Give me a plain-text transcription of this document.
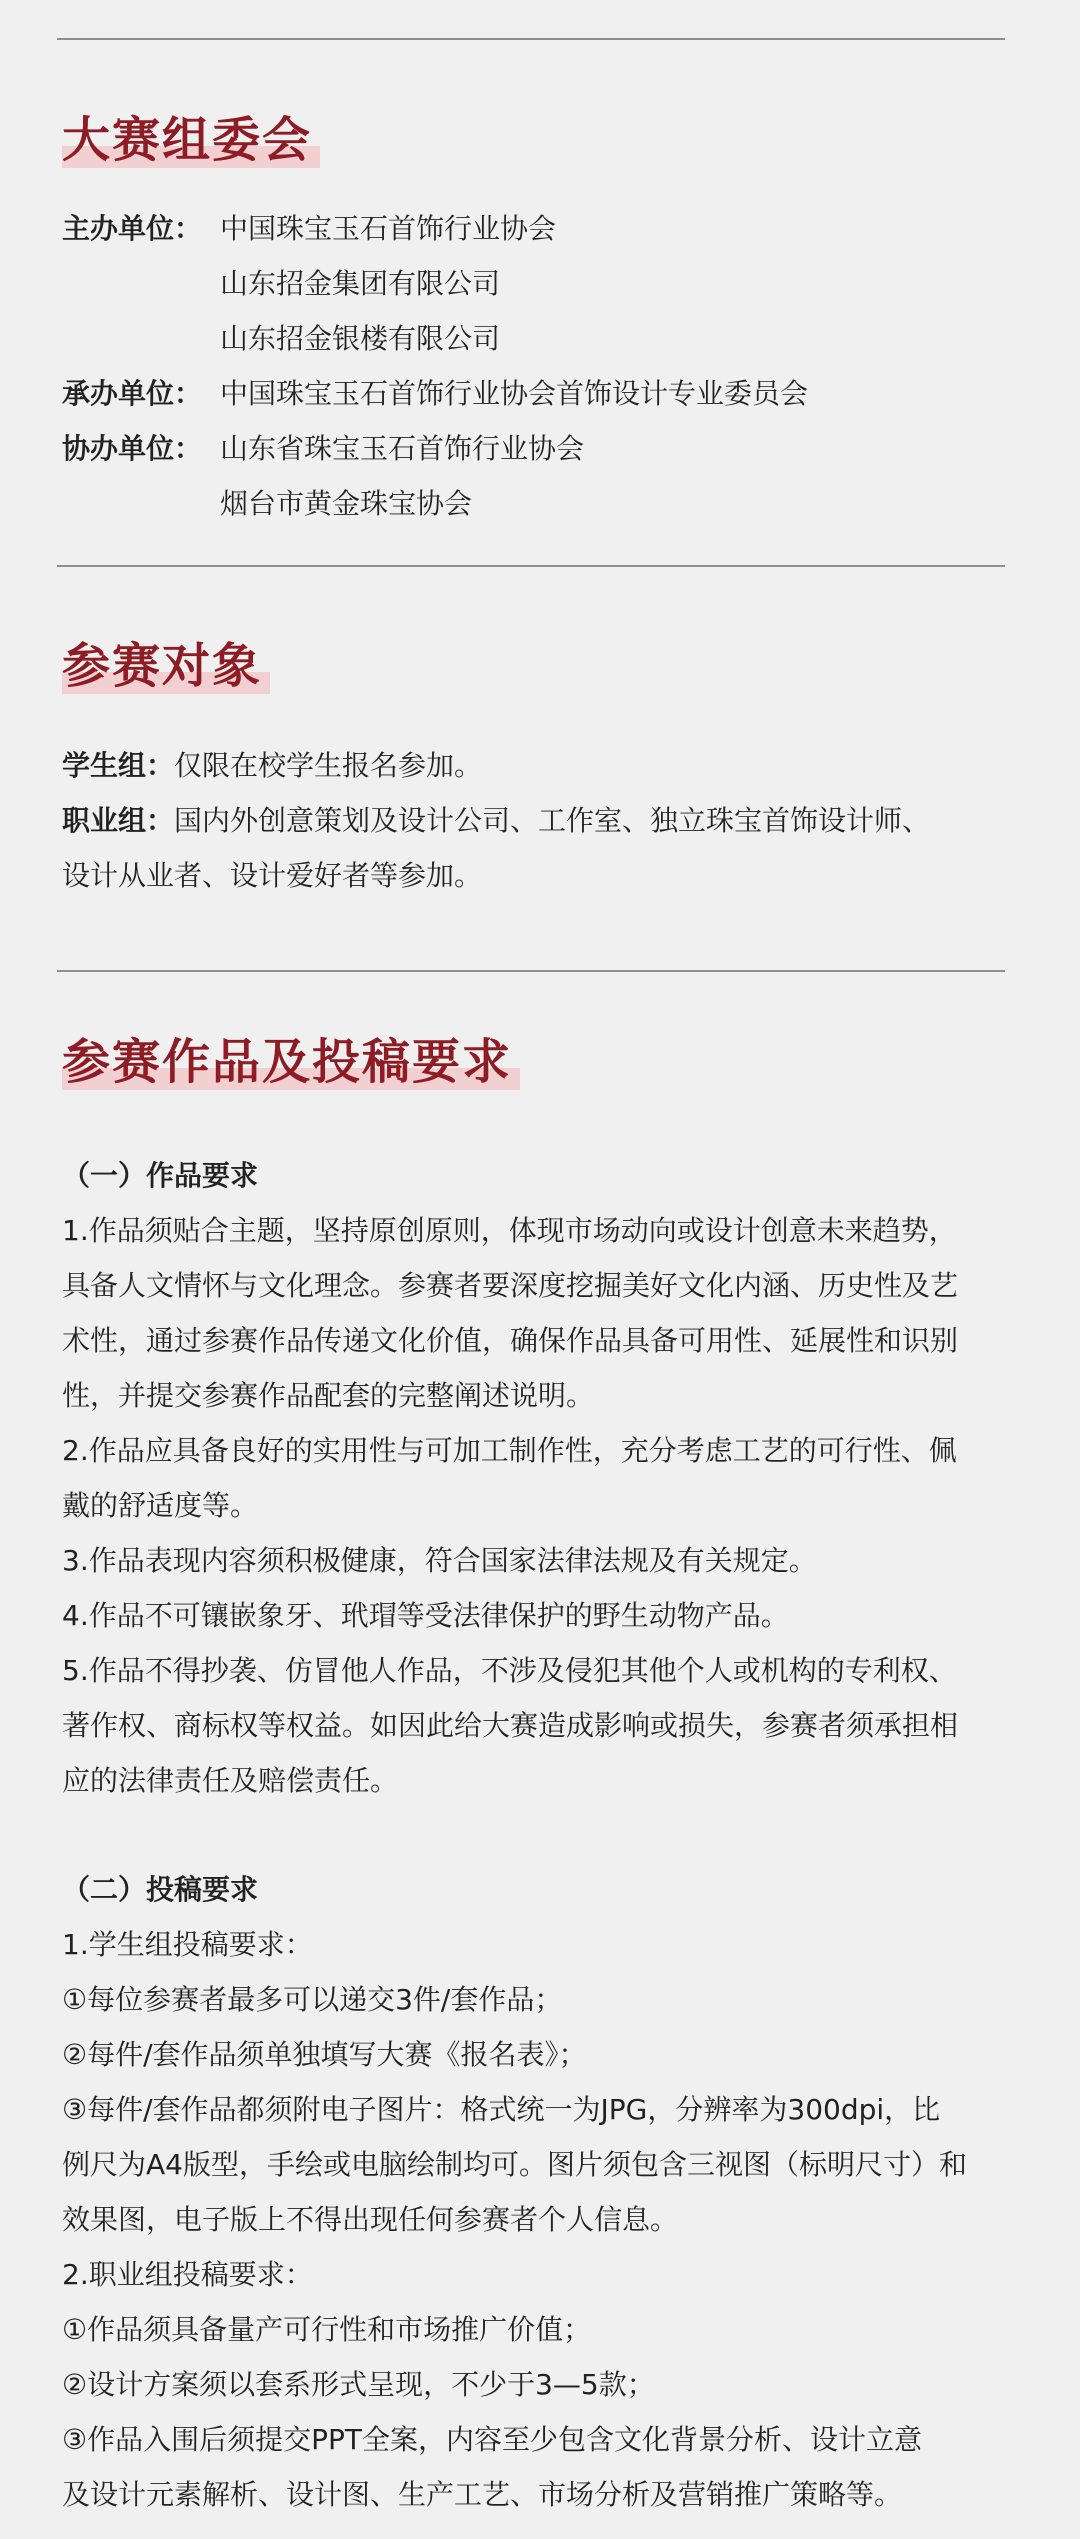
大赛组委会
主办单位： 中国珠宝玉石首饰行业协会
山东招金集团有限公司
山东招金银楼有限公司
承办单位： 中国珠宝玉石首饰行业协会首饰设计专业委员会
协办单位： 山东省珠宝玉石首饰行业协会
烟台市黄金珠宝协会
参赛对象

学生组：仅限在校学生报名参加。

职业组：国内外创意策划及设计公司、工作室、独立珠宝首饰设计师、

设计从业者、设计爱好者等参加。

参赛作品及投稿要求

（一）作品要求

1.作品须贴合主题，坚持原创原则，体现市场动向或设计创意未来趋势，

具备人文情怀与文化理念。参赛者要深度挖掘美好文化内涵、历史性及艺

术性，通过参赛作品传递文化价值，确保作品具备可用性、延展性和识别

性，并提交参赛作品配套的完整阐述说明。

2.作品应具备良好的实用性与可加工制作性，充分考虑工艺的可行性、佩

戴的舒适度等。

3.作品表现内容须积极健康，符合国家法律法规及有关规定。

4.作品不可镶嵌象牙、玳瑁等受法律保护的野生动物产品。

5.作品不得抄袭、仿冒他人作品，不涉及侵犯其他个人或机构的专利权、

著作权、商标权等权益。如因此给大赛造成影响或损失，参赛者须承担相

应的法律责任及赔偿责任。

（二）投稿要求

1.学生组投稿要求：

①每位参赛者最多可以递交3件/套作品；

②每件/套作品须单独填写大赛《报名表》；

③每件/套作品都须附电子图片：格式统一为JPG，分辨率为300dpi，比

例尺为A4版型，手绘或电脑绘制均可。图片须包含三视图（标明尺寸）和

效果图，电子版上不得出现任何参赛者个人信息。

2.职业组投稿要求：

①作品须具备量产可行性和市场推广价值；

②设计方案须以套系形式呈现，不少于3—5款；

③作品入围后须提交PPT全案，内容至少包含文化背景分析、设计立意

及设计元素解析、设计图、生产工艺、市场分析及营销推广策略等。
